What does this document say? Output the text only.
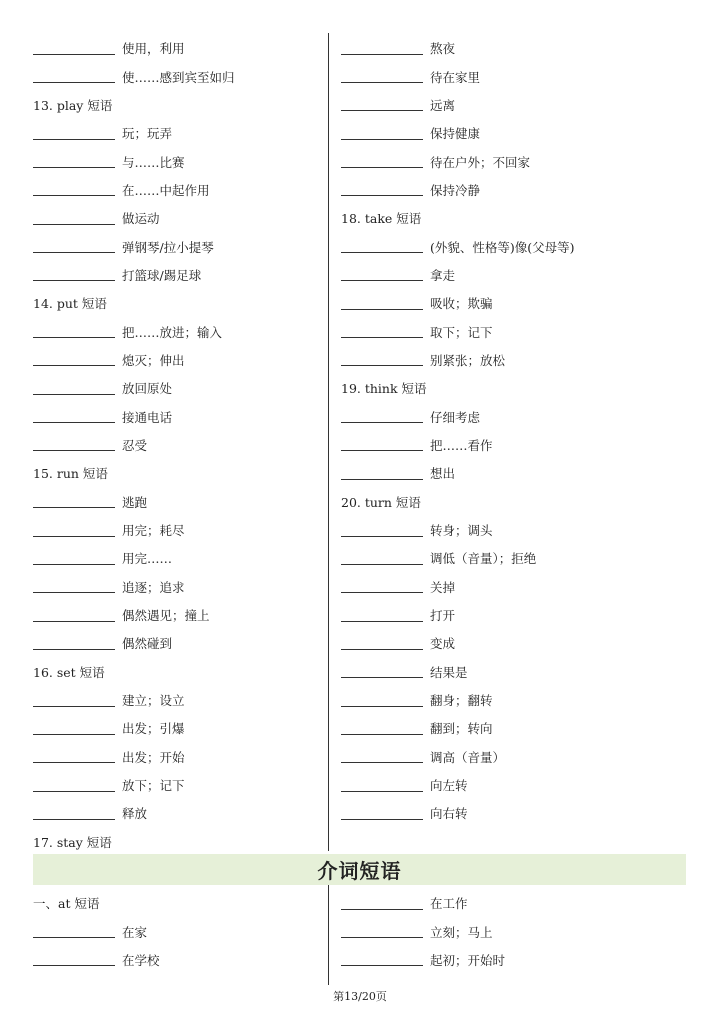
使用，利用
使……感到宾至如归
13. play 短语
玩；玩弄
与……比赛
在……中起作用
做运动
弹钢琴/拉小提琴
打篮球/踢足球
14. put 短语
把……放进；输入
熄灭；伸出
放回原处
接通电话
忍受
15. run 短语
逃跑
用完；耗尽
用完……
追逐；追求
偶然遇见；撞上
偶然碰到
16. set 短语
建立；设立
出发；引爆
出发；开始
放下；记下
释放
17. stay 短语
熬夜
待在家里
远离
保持健康
待在户外；不回家
保持冷静
18. take 短语
(外貌、性格等)像(父母等)
拿走
吸收；欺骗
取下；记下
别紧张；放松
19. think 短语
仔细考虑
把……看作
想出
20. turn 短语
转身；调头
调低（音量）；拒绝
关掉
打开
变成
结果是
翻身；翻转
翻到；转向
调高（音量）
向左转
向右转
介词短语
一、at 短语
在家
在学校
在工作
立刻；马上
起初；开始时
第13/20页
